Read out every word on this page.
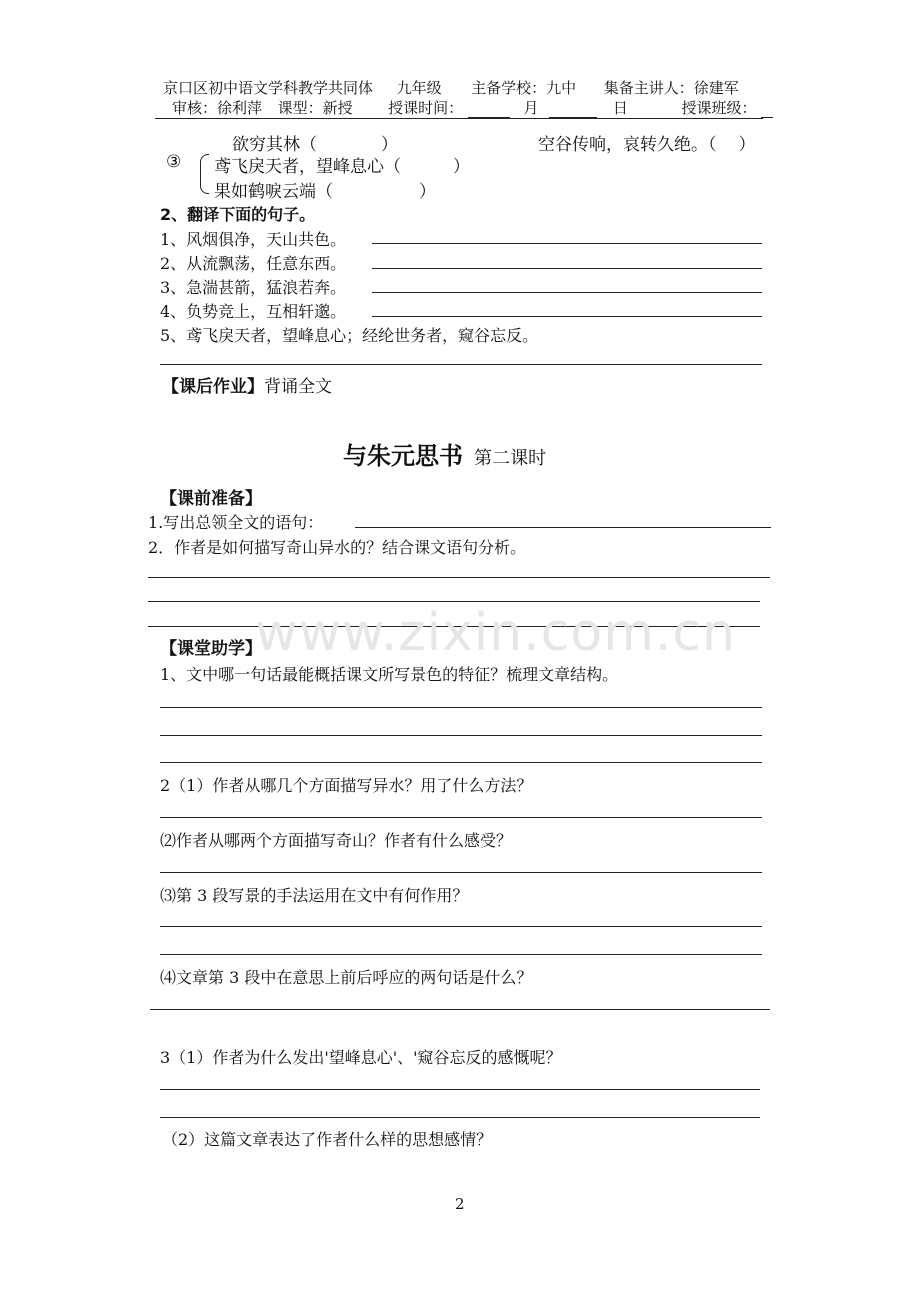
京口区初中语文学科教学共同体 九年级 主备学校：九中 集备主讲人：徐建军
审核：徐利萍 课型：新授 授课时间：	月	日	授课班级：
欲穷其林（	）	空谷传响，哀转久绝。（ ）
③ 鸢飞戾天者，望峰息心（	）
果如鹤唳云端（	）
2、翻译下面的句子。
1、风烟俱净，天山共色。
2、从流飘荡，任意东西。
3、急湍甚箭，猛浪若奔。
4、负势竞上，互相轩邈。
5、鸢飞戾天者，望峰息心；经纶世务者，窥谷忘反。
【课后作业】背诵全文
与朱元思书 第二课时
【课前准备】
1.写出总领全文的语句：
2．作者是如何描写奇山异水的？结合课文语句分析。
www.zixin.com.cn
【课堂助学】
1、文中哪一句话最能概括课文所写景色的特征？梳理文章结构。
2（1）作者从哪几个方面描写异水？用了什么方法？
⑵作者从哪两个方面描写奇山？作者有什么感受？
⑶第 3 段写景的手法运用在文中有何作用？
⑷文章第 3 段中在意思上前后呼应的两句话是什么？
3（1）作者为什么发出'望峰息心'、'窥谷忘反的感慨呢？
（2）这篇文章表达了作者什么样的思想感情？
2
